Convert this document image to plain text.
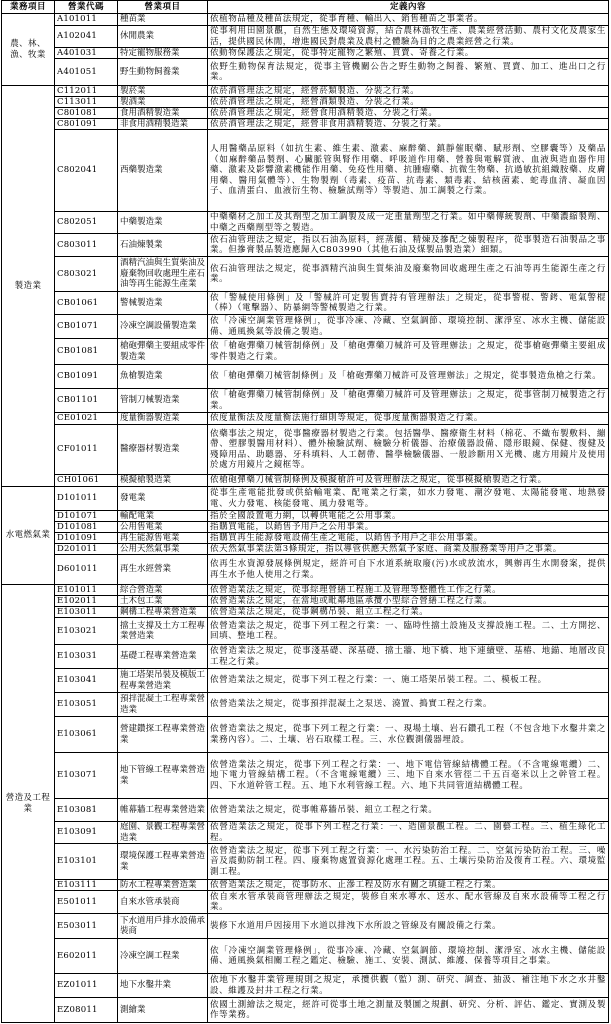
業務項目	營業代碼	營業項目	定義內容

農、林、漁、牧業	A101011	種苗業	依植物品種及種苗法規定，從事育種、輸出入、銷售種苗之事業者。

	A102041	休閒農業	從事利用田園景觀，自然生態及環境資源，結合農林漁牧生產、農業經營活動、農村文化及農家生活，提供國民休閒，增進國民對農業及農村之體驗為目的之農業經營之行業。

	A401031	特定寵物服務業	依動物保護法之規定，從事特定寵物之繁殖、買賣、寄養之行業。

	A401051	野生動物飼養業	依野生動物保育法規定，從事主管機關公告之野生動物之飼養、繁殖、買賣、加工、進出口之行業。

製造業	C112011	製菸業	依菸酒管理法之規定，經營菸類製造、分裝之行業。

	C113011	製酒業	依菸酒管理法之規定，經營酒類製造、分裝之行業。

	C801081	食用酒精製造業	依菸酒管理法之規定，經營食用酒精製造、分裝之行業。

	C801091	非食用酒精製造業	依菸酒管理法之規定，經營非食用酒精製造、分裝之行業。

	C802041	西藥製造業	人用醫藥品原料（如抗生素、維生素、激素、麻醉藥、鎮靜催眠藥、賦形劑、空膠囊等）及藥品（如麻醉藥品製劑、心臟脈管與腎作用藥、呼吸道作用藥、營養與電解質液、血液與造血器作用藥、激素及影響激素機能作用藥、免疫性用藥、抗腫瘤藥、抗微生物藥、抗過敏抗組織胺藥、皮膚用藥、醫用氣體等）、生物製劑（毒素、疫苗、抗毒素、類毒素、結核菌素、蛇毒血清、凝血因子、血清蛋白、血液衍生物、檢驗試劑等）等製造、加工調製之行業。

	C802051	中藥製造業	中藥藥材之加工及其劑型之加工調製及成一定重量劑型之行業。如中藥傳統製劑、中藥濃縮製劑、中藥之西藥劑型等之製造。

	C803011	石油煉製業	依石油管理法之規定，指以石油為原料，經蒸餾、精煉及摻配之煉製程序，從事製造石油製品之事業。但摻膏製品製造應歸入C803990（其他石油及煤製品製造業）細類。

	C803021	酒精汽油與生質柴油及廢棄物回收處理生產石油等再生能源生產業	依石油管理法之規定，從事酒精汽油與生質柴油及廢棄物回收處理生產之石油等再生能源生產之行業。

	CB01061	警械製造業	依「警械使用條例」及「警械許可定製售賣持有管理辦法」之規定，從事警棍、警銬、電氣警棍（棒）（電擊器）、防暴網等警械製造之行業。

	CB01071	冷凍空調設備製造業	依「冷凍空調業管理條例」，從事冷凍、冷藏、空氣調節、環境控制、潔淨室、冰水主機、儲能設備、通風換氣等設備之製造。

	CB01081	槍砲彈藥主要組成零件製造業	依「槍砲彈藥刀械管制條例」及「槍砲彈藥刀械許可及管理辦法」之規定，從事槍砲彈藥主要組成零件製造之行業。

	CB01091	魚槍製造業	依「槍砲彈藥刀械管制條例」及「槍砲彈藥刀械許可及管理辦法」之規定，從事製造魚槍之行業。

	CB01101	管制刀械製造業	依「槍砲彈藥刀械管制條例」及「槍砲彈藥刀械許可及管理辦法」之規定，從事管制刀械製造之行業。

	CE01021	度量衡器製造業	依度量衡法及度量衡法施行細則等規定，從事度量衡器製造之行業。

	CF01011	醫療器材製造業	依藥事法之規定，從事醫療器材製造之行業。包括醫學、醫療衛生材料（棉花、不織布製敷料、繃帶、塑膠製醫用材料）、體外檢驗試劑、檢驗分析儀器、治療儀器設備、隱形眼鏡、保健、復健及殘障用品、助聽器、牙科填料、人工韌帶、醫學檢驗儀器、一般診斷用Ｘ光機、處方用鏡片及使用於處方用鏡片之鏡框等。

	CH01061	模擬槍製造業	依槍砲彈藥刀械管制條例及模擬槍許可及管理辦法之規定，從事模擬槍製造之行業。

水電燃氣業	D101011	發電業	從事生產電能批發或供給輸電業、配電業之行業，如水力發電、潮汐發電、太陽能發電、地熱發電、火力發電、核能發電、風力發電等。

	D101071	輸配電業	指於全國設置電力網，以轉供電能之公用事業。

	D101081	公用售電業	指購買電能，以銷售予用戶之公用事業。

	D101091	再生能源售電業	指購買再生能源發電設備生產之電能，以銷售予用戶之非公用事業。

	D201011	公用天然氣事業	依天然氣事業法第3條規定，指以導管供應天然氣予家庭、商業及服務業等用戶之事業。

	D601011	再生水經營業	依再生水資源發展條例規定，經許可自下水道系統取廢(污)水或放流水，興辦再生水開發案，提供再生水予他人使用之行業。

營造及工程業	E101011	綜合營造業	依營造業法之規定，從事綜理營繕工程施工及管理等整體性工作之行業。

	E102011	土木包工業	依營造業法之規定，在當地或毗鄰地區承攬小型綜合營繕工程之行業。

	E103011	鋼構工程專業營造業	依營造業法之規定，從事鋼構吊裝、組立工程之行業。

	E103021	擋土支撐及土方工程專業營造業	依營造業法之規定，從事下列工程之行業：一、臨時性擋土設施及支撐設施工程。二、土方開挖、回填、整地工程。

	E103031	基礎工程專業營造業	依營造業法之規定，從事淺基礎、深基礎、擋土牆、地下橋、地下連續壁、基樁、地錨、地層改良工程之行業。

	E103041	施工塔架吊裝及模版工程專業營造業	依營造業法之規定，從事下列工程之行業：一、施工塔架吊裝工程。二、模板工程。

	E103051	預拌混凝土工程專業營造業	依營造業法之規定，從事預拌混凝土之泵送、澆置、搗實工程之行業。

	E103061	營建鑽探工程專業營造業	依營造業法之規定，從事下列工程之行業：一、現場土壤、岩石鑽孔工程（不包含地下水鑿井業之業務內容）。二、土壤、岩石取樣工程。三、水位觀測儀器埋設。

	E103071	地下管線工程專業營造業	依營造業法之規定，從事下列工程之行業：一、地下電信管線結構體工程。（不含電線電纜）二、地下電力管線結構工程。（不含電線電纜）三、地下自來水管徑二千五百毫米以上之幹管工程。四、下水道幹管工程。五、地下水利管線工程。六、地下共同管道結構體工程。

	E103081	帷幕牆工程專業營造業	依營造業法之規定，從事帷幕牆吊裝、組立工程之行業。

	E103091	庭園、景觀工程專業營造業	依營造業法之規定，從事下列工程之行業：一、造園景觀工程。二、園藝工程。三、植生綠化工程。

	E103101	環境保護工程專業營造業	依營造業法之規定，從事下列工程之行業：一、水污染防治工程。二、空氣污染防治工程。三、噪音及震動防制工程。四、廢棄物處置資源化處理工程。五、土壤污染防治及復育工程。六、環境監測工程。

	E103111	防水工程專業營造業	依營造業法之規定，從事防水、止滲工程及防水有關之填縫工程之行業。

	E501011	自來水管承裝商	依自來水管承裝商管理辦法之規定，裝修自來水導水、送水、配水管線及自來水設備等工程之行業。

	E503011	下水道用戶排水設備承裝商	裝修下水道用戶因接用下水道以排洩下水所設之管線及有關設備之行業。

	E602011	冷凍空調工程業	依「冷凍空調業管理條例」，從事冷凍、冷藏、空氣調節、環境控制、潔淨室、冰水主機、儲能設備、通風換氣相關工程之鑑定、檢驗、施工、安裝、測試、維護、保養等項目之事業。

	EZ01011	地下水鑿井業	依地下水鑿井業管理規則之規定，承攬供觀（監）測、研究、調查、抽汲、補注地下水之水井鑿設、維護及封井工程之行業。

	EZ08011	測繪業	依國土測繪法之規定，經許可從事土地之測量及製圖之規劃、研究、分析、評估、鑑定、實測及製作等業務。
